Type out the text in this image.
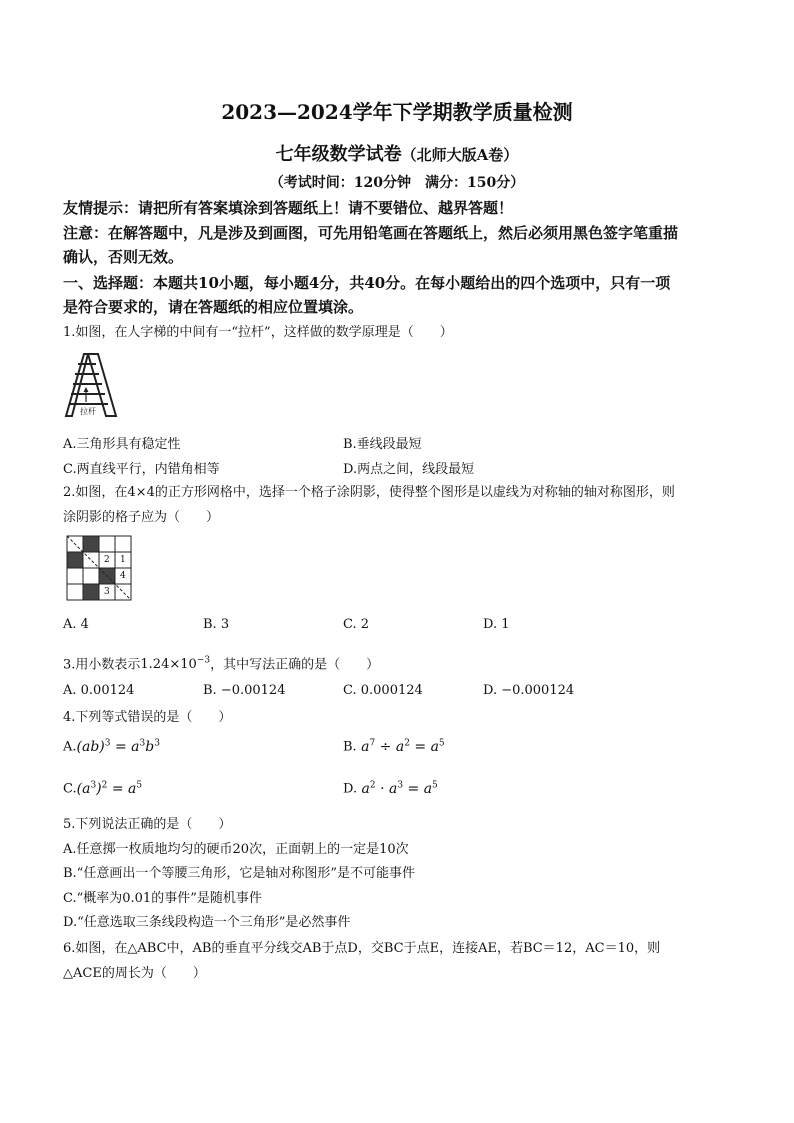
2023—2024学年下学期教学质量检测
七年级数学试卷（北师大版A卷）
（考试时间：120分钟　满分：150分）
友情提示：请把所有答案填涂到答题纸上！请不要错位、越界答题！
注意：在解答题中，凡是涉及到画图，可先用铅笔画在答题纸上，然后必须用黑色签字笔重描
确认，否则无效。
一、选择题：本题共10小题，每小题4分，共40分。在每小题给出的四个选项中，只有一项
是符合要求的，请在答题纸的相应位置填涂。
1.如图，在人字梯的中间有一“拉杆”，这样做的数学原理是（　　）
拉杆
A.三角形具有稳定性	B.垂线段最短
C.两直线平行，内错角相等	D.两点之间，线段最短
2.如图，在4×4的正方形网格中，选择一个格子涂阴影，使得整个图形是以虚线为对称轴的轴对称图形，则
涂阴影的格子应为（　　）
2 1
4
3
A. 4	B. 3	C. 2	D. 1
3.用小数表示$1.24\times 10^{-3}$，其中写法正确的是（　　）
A. 0.00124	B. −0.00124	C. 0.000124	D. −0.000124
4.下列等式错误的是（　　）
$A.(ab)^3 = a^3b^3$	B. $a^7 \div a^2 = a^5$
$C.(a^3)^2 = a^5$	D. $a^2 \cdot a^3 = a^5$
5.下列说法正确的是（　　）
A.任意掷一枚质地均匀的硬币20次，正面朝上的一定是10次
B.“任意画出一个等腰三角形，它是轴对称图形”是不可能事件
C.“概率为0.01的事件”是随机事件
D.“任意选取三条线段构造一个三角形”是必然事件
6.如图，在△ABC中，AB的垂直平分线交AB于点D，交BC于点E，连接AE，若BC＝12，AC＝10，则
△ACE的周长为（　　）
